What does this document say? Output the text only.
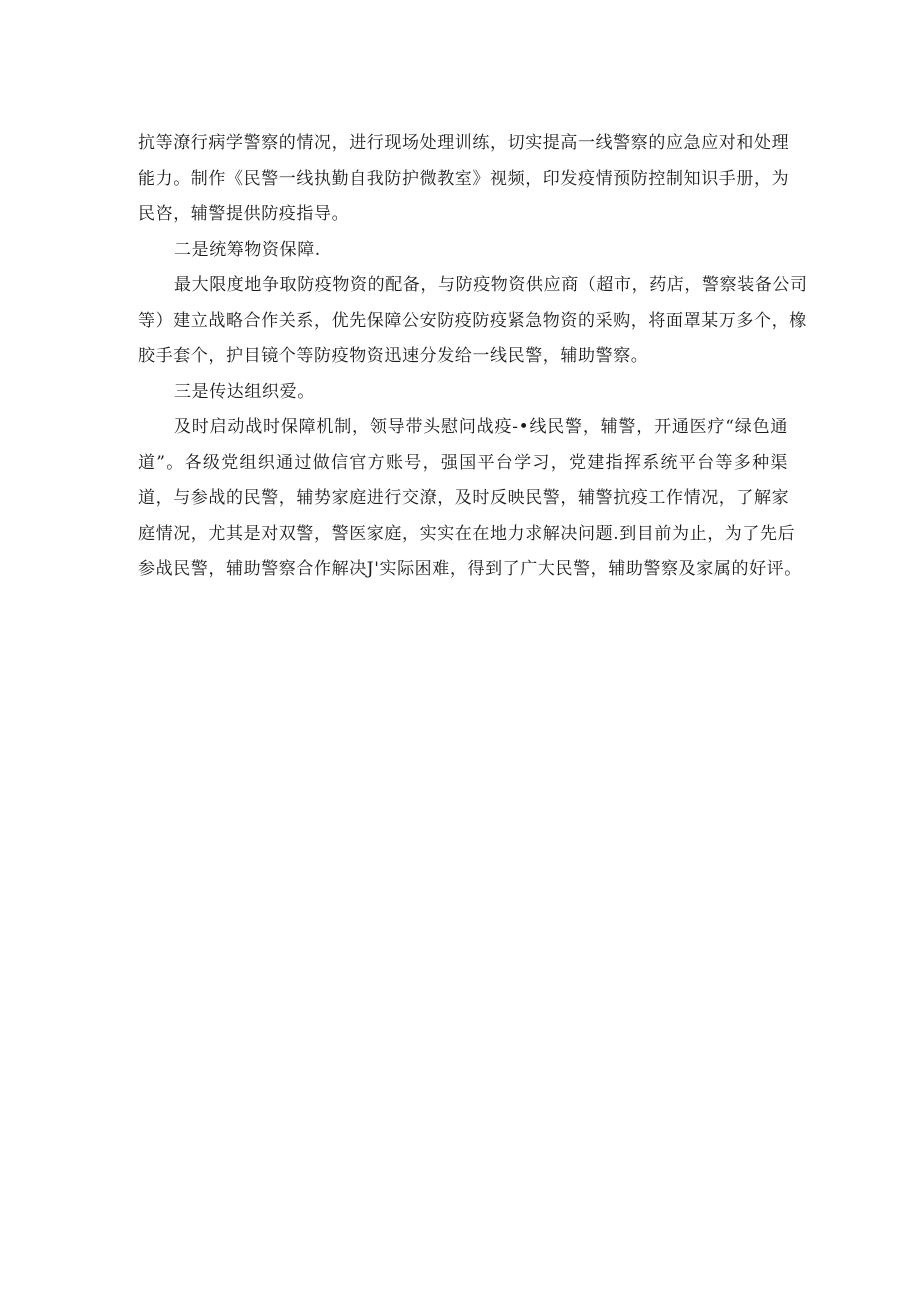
抗等潦行病学警察的情况，进行现场处理训练，切实提高一线警察的应急应对和处理
能力。制作《民警一线执勤自我防护微教室》视频，印发疫情预防控制知识手册，为
民咨，辅警提供防疫指导。
二是统筹物资保障.
最大限度地争取防疫物资的配备，与防疫物资供应商（超市，药店，警察装备公司
等）建立战略合作关系，优先保障公安防疫防疫紧急物资的采购，将面罩某万多个，橡
胶手套个，护目镜个等防疫物资迅速分发给一线民警，辅助警察。
三是传达组织爱。
及时启动战时保障机制，领导带头慰问战疫-•线民警，辅警，开通医疗“绿色通
道”。各级党组织通过做信官方账号，强国平台学习，党建指挥系统平台等多种渠
道，与参战的民警，辅势家庭进行交潦，及时反映民警，辅警抗疫工作情况，了解家
庭情况，尤其是对双警，警医家庭，实实在在地力求解决问题.到目前为止，为了先后
参战民警，辅助警察合作解决J'实际困难，得到了广大民警，辅助警察及家属的好评。
